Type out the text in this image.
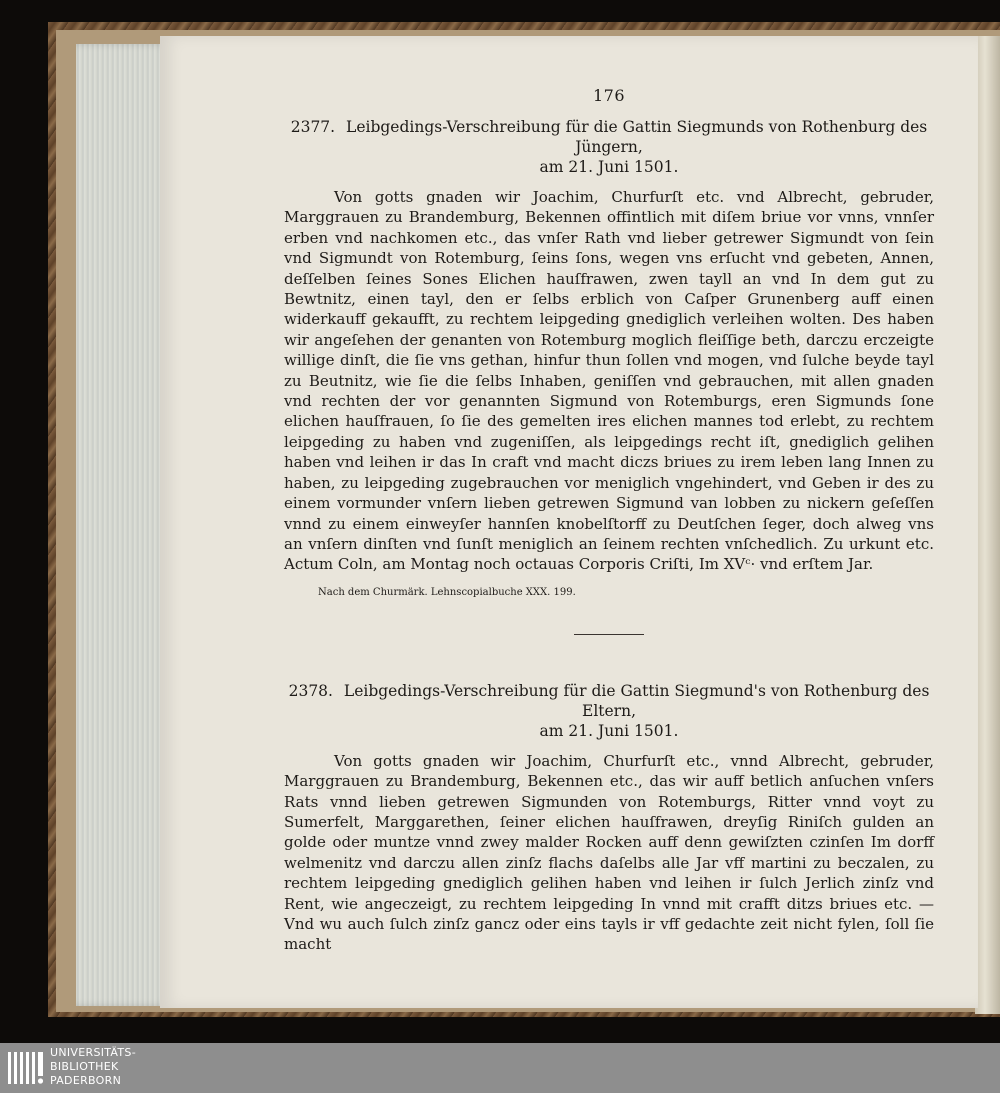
176

2377. Leibgedings-Verschreibung für die Gattin Siegmunds von Rothenburg des Jüngern,
am 21. Juni 1501.

Von gotts gnaden wir Joachim, Churfurſt etc. vnd Albrecht, gebruder, Marggrauen zu Brandemburg, Bekennen offintlich mit diſem briue vor vnns, vnnſer erben vnd nachkomen etc., das vnſer Rath vnd lieber getrewer Sigmundt von ſein vnd Sigmundt von Rotemburg, ſeins ſons, wegen vns erſucht vnd gebeten, Annen, deſſelben ſeines Sones Elichen hauſfrawen, zwen tayll an vnd In dem gut zu Bewtnitz, einen tayl, den er ſelbs erblich von Caſper Grunenberg auff einen widerkauff gekaufft, zu rechtem leipgeding gnediglich verleihen wolten. Des haben wir angeſehen der genanten von Rotemburg moglich fleiſſige beth, darczu erczeigte willige dinſt, die ſie vns gethan, hinfur thun ſollen vnd mogen, vnd ſulche beyde tayl zu Beutnitz, wie ſie die ſelbs Inhaben, geniſſen vnd gebrauchen, mit allen gnaden vnd rechten der vor genannten Sigmund von Rotemburgs, eren Sigmunds ſone elichen hauſfrauen, ſo ſie des gemelten ires elichen mannes tod erlebt, zu rechtem leipgeding zu haben vnd zugeniſſen, als leipgedings recht iſt, gnediglich gelihen haben vnd leihen ir das In craft vnd macht diczs briues zu irem leben lang Innen zu haben, zu leipgeding zugebrauchen vor meniglich vngehindert, vnd Geben ir des zu einem vormunder vnſern lieben getrewen Sigmund van lobben zu nickern geſeſſen vnnd zu einem einweyſer hannſen knobelſtorff zu Deutſchen ſeger, doch alweg vns an vnſern dinſten vnd ſunſt meniglich an ſeinem rechten vnſchedlich. Zu urkunt etc. Actum Coln, am Montag noch octauas Corporis Criſti, Im XVᶜ· vnd erſtem Jar.

Nach dem Churmärk. Lehnscopialbuche XXX. 199.

2378. Leibgedings-Verschreibung für die Gattin Siegmund's von Rothenburg des Eltern,
am 21. Juni 1501.

Von gotts gnaden wir Joachim, Churfurſt etc., vnnd Albrecht, gebruder, Marggrauen zu Brandemburg, Bekennen etc., das wir auff betlich anſuchen vnſers Rats vnnd lieben getrewen Sigmunden von Rotemburgs, Ritter vnnd voyt zu Sumerfelt, Marggarethen, ſeiner elichen hauſfrawen, dreyſig Riniſch gulden an golde oder muntze vnnd zwey malder Rocken auff denn gewiſzten czinſen Im dorff welmenitz vnd darczu allen zinſz flachs daſelbs alle Jar vff martini zu beczalen, zu rechtem leipgeding gnediglich gelihen haben vnd leihen ir ſulch Jerlich zinſz vnd Rent, wie angeczeigt, zu rechtem leipgeding In vnnd mit crafft ditzs briues etc. — Vnd wu auch ſulch zinſz gancz oder eins tayls ir vff gedachte zeit nicht fylen, ſoll ſie macht

UNIVERSITÄTS-
BIBLIOTHEK
PADERBORN
